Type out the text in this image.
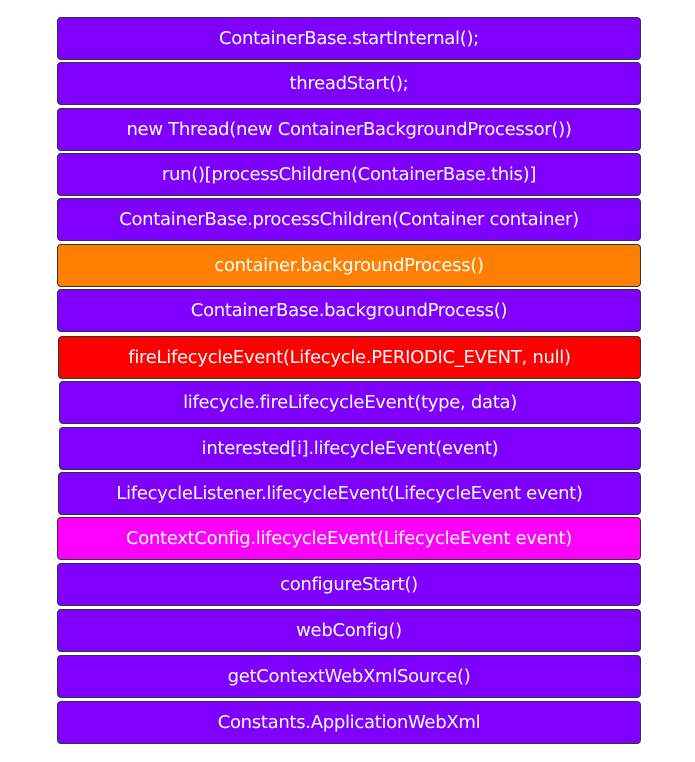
ContainerBase.startInternal();
threadStart();
new Thread(new ContainerBackgroundProcessor())
run()[processChildren(ContainerBase.this)]
ContainerBase.processChildren(Container container)
container.backgroundProcess()
ContainerBase.backgroundProcess()
fireLifecycleEvent(Lifecycle.PERIODIC_EVENT, null)
lifecycle.fireLifecycleEvent(type, data)
interested[i].lifecycleEvent(event)
LifecycleListener.lifecycleEvent(LifecycleEvent event)
ContextConfig.lifecycleEvent(LifecycleEvent event)
configureStart()
webConfig()
getContextWebXmlSource()
Constants.ApplicationWebXml
